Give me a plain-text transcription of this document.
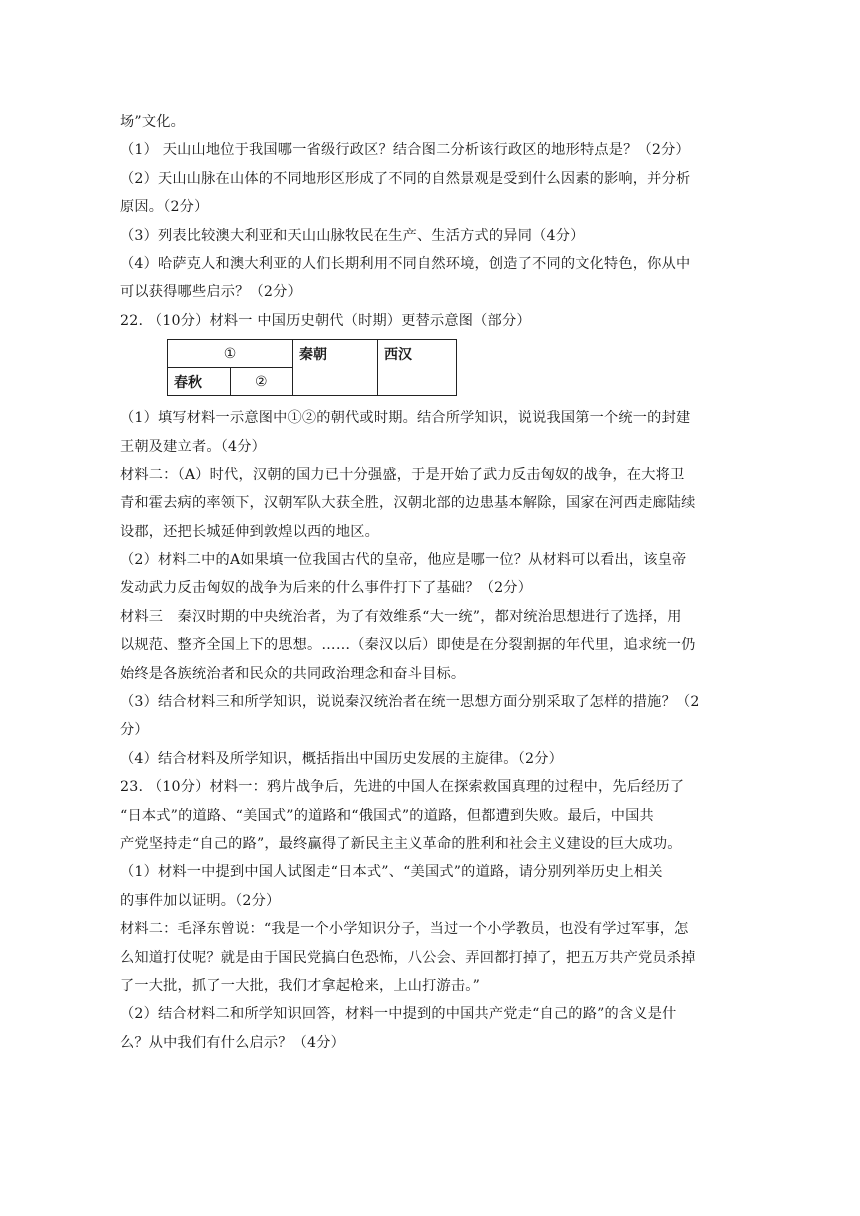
场”文化。
（1） 天山山地位于我国哪一省级行政区？结合图二分析该行政区的地形特点是？（2分）
（2）天山山脉在山体的不同地形区形成了不同的自然景观是受到什么因素的影响，并分析
原因。（2分）
（3）列表比较澳大利亚和天山山脉牧民在生产、生活方式的异同（4分）
（4）哈萨克人和澳大利亚的人们长期利用不同自然环境，创造了不同的文化特色，你从中
可以获得哪些启示？（2分）
22. （10分）材料一 中国历史朝代（时期）更替示意图（部分）
①		秦朝	西汉
春秋	②		
（1）填写材料一示意图中①②的朝代或时期。结合所学知识，说说我国第一个统一的封建
王朝及建立者。（4分）
材料二：（A）时代，汉朝的国力已十分强盛，于是开始了武力反击匈奴的战争，在大将卫
青和霍去病的率领下，汉朝军队大获全胜，汉朝北部的边患基本解除，国家在河西走廊陆续
设郡，还把长城延伸到敦煌以西的地区。
（2）材料二中的A如果填一位我国古代的皇帝，他应是哪一位？从材料可以看出，该皇帝
发动武力反击匈奴的战争为后来的什么事件打下了基础？（2分）
材料三　秦汉时期的中央统治者，为了有效维系“大一统”，都对统治思想进行了选择，用
以规范、整齐全国上下的思想。……（秦汉以后）即使是在分裂割据的年代里，追求统一仍
始终是各族统治者和民众的共同政治理念和奋斗目标。
（3）结合材料三和所学知识，说说秦汉统治者在统一思想方面分别采取了怎样的措施？（2
分）
（4）结合材料及所学知识，概括指出中国历史发展的主旋律。（2分）
23. （10分）材料一：鸦片战争后，先进的中国人在探索救国真理的过程中，先后经历了
“日本式”的道路、“美国式”的道路和“俄国式”的道路，但都遭到失败。最后，中国共
产党坚持走“自己的路”，最终赢得了新民主主义革命的胜利和社会主义建设的巨大成功。
（1）材料一中提到中国人试图走“日本式”、“美国式”的道路，请分别列举历史上相关
的事件加以证明。（2分）
材料二：毛泽东曾说：“我是一个小学知识分子，当过一个小学教员，也没有学过军事，怎
么知道打仗呢？就是由于国民党搞白色恐怖，八公会、弄回都打掉了，把五万共产党员杀掉
了一大批，抓了一大批，我们才拿起枪来，上山打游击。”
（2）结合材料二和所学知识回答，材料一中提到的中国共产党走“自己的路”的含义是什
么？从中我们有什么启示？（4分）
